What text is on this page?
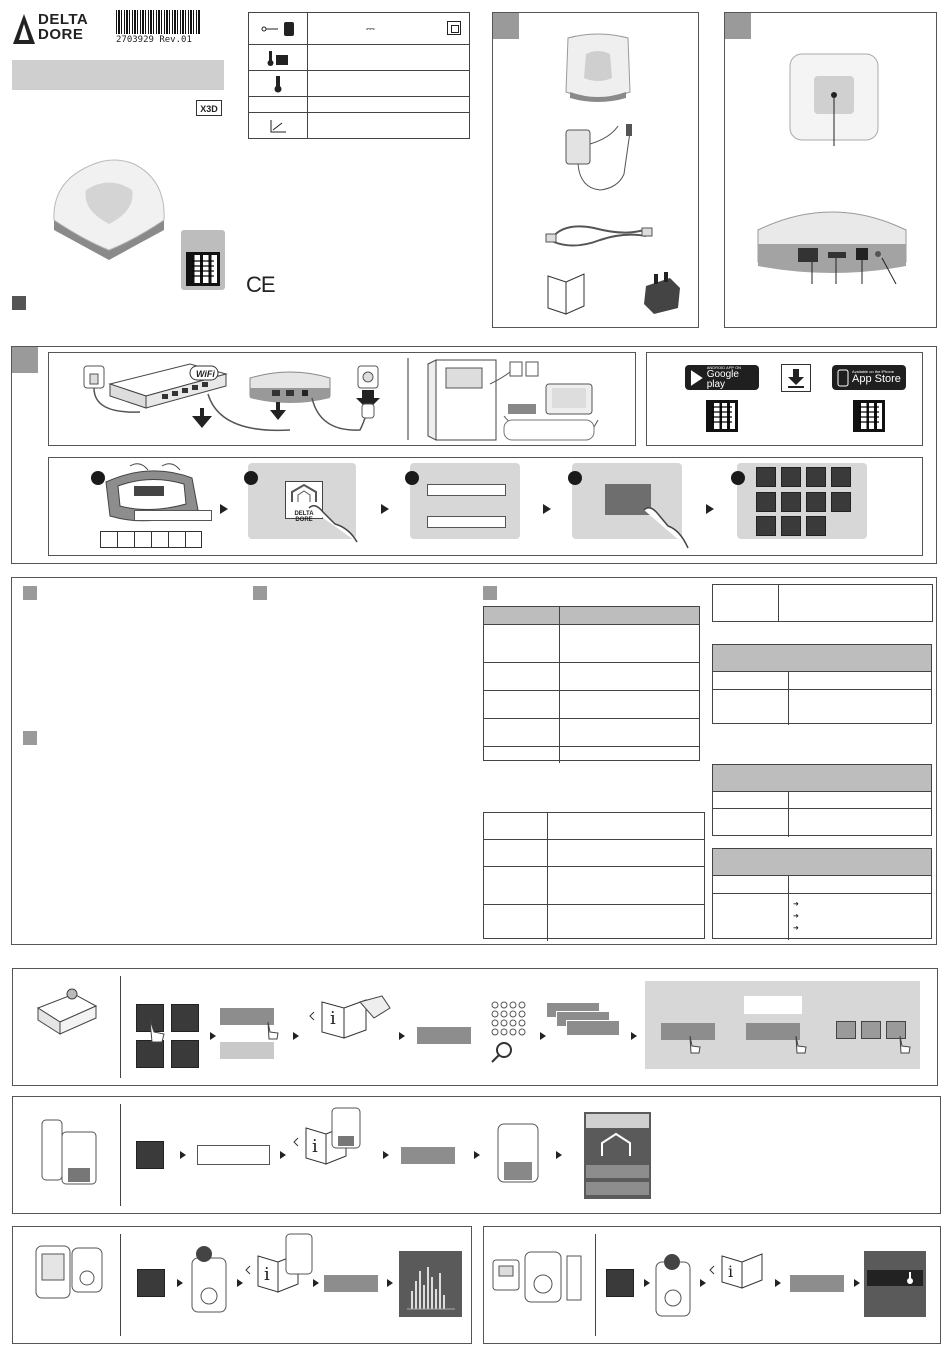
DELTA
DORE	2703929 Rev.01
X3D
CE
⎓
WiFi
ANDROID APP ON
Google play
Available on the iPhone
App Store
DELTA DORE
➜
➜
➜
i
i
i	i
